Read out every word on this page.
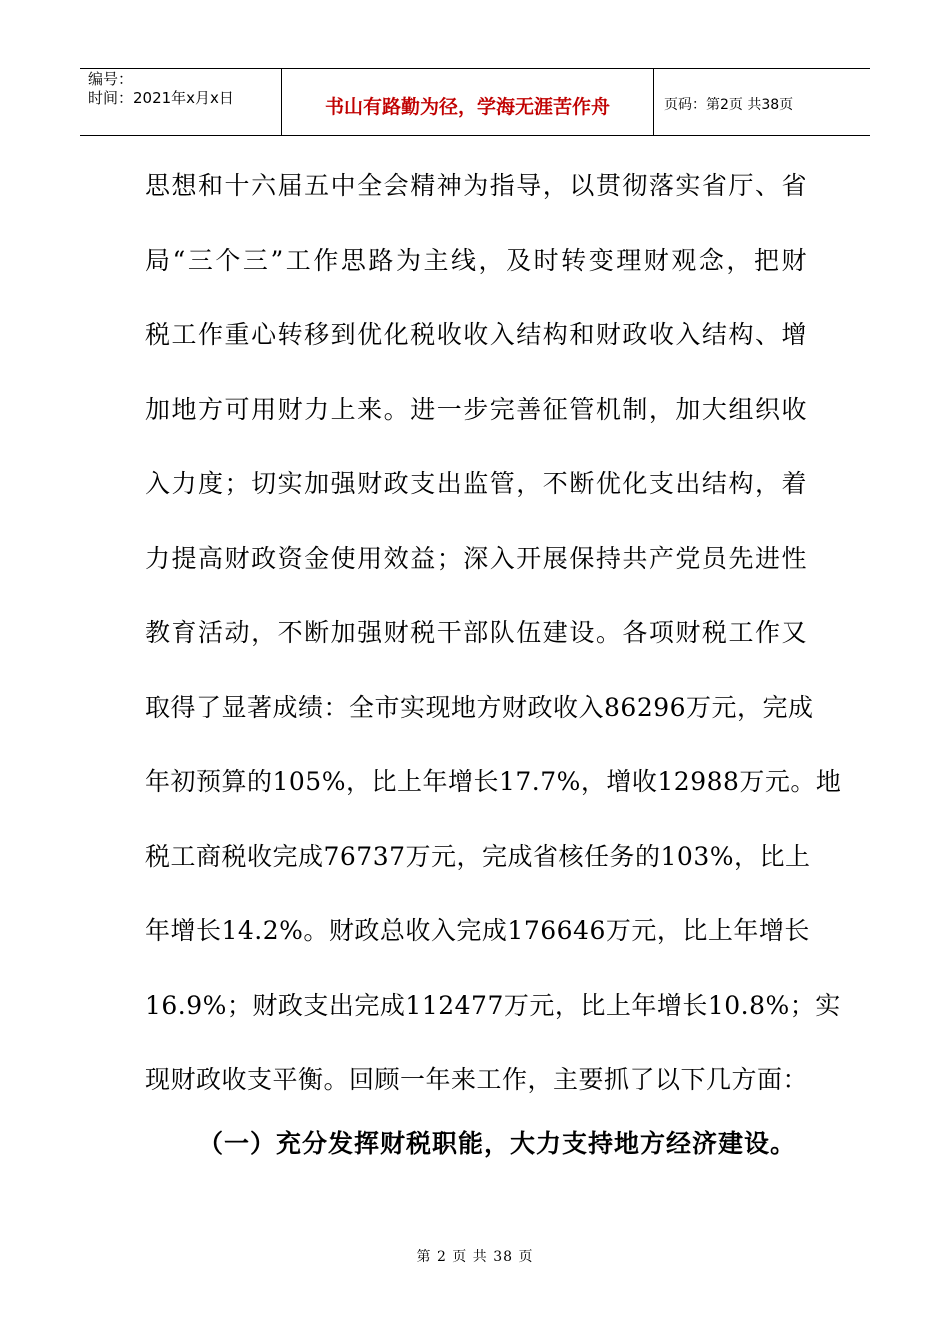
编号：
时间：2021年x月x日	书山有路勤为径，学海无涯苦作舟	页码：第2页 共38页
思想和十六届五中全会精神为指导，以贯彻落实省厅、省
局“三个三”工作思路为主线，及时转变理财观念，把财
税工作重心转移到优化税收收入结构和财政收入结构、增
加地方可用财力上来。进一步完善征管机制，加大组织收
入力度；切实加强财政支出监管，不断优化支出结构，着
力提高财政资金使用效益；深入开展保持共产党员先进性
教育活动，不断加强财税干部队伍建设。各项财税工作又
取得了显著成绩：全市实现地方财政收入86296万元，完成
年初预算的105%，比上年增长17.7%，增收12988万元。地
税工商税收完成76737万元，完成省核任务的103%，比上
年增长14.2%。财政总收入完成176646万元，比上年增长
16.9%；财政支出完成112477万元，比上年增长10.8%；实
现财政收支平衡。回顾一年来工作，主要抓了以下几方面：
（一）充分发挥财税职能，大力支持地方经济建设。
第 2 页 共 38 页
